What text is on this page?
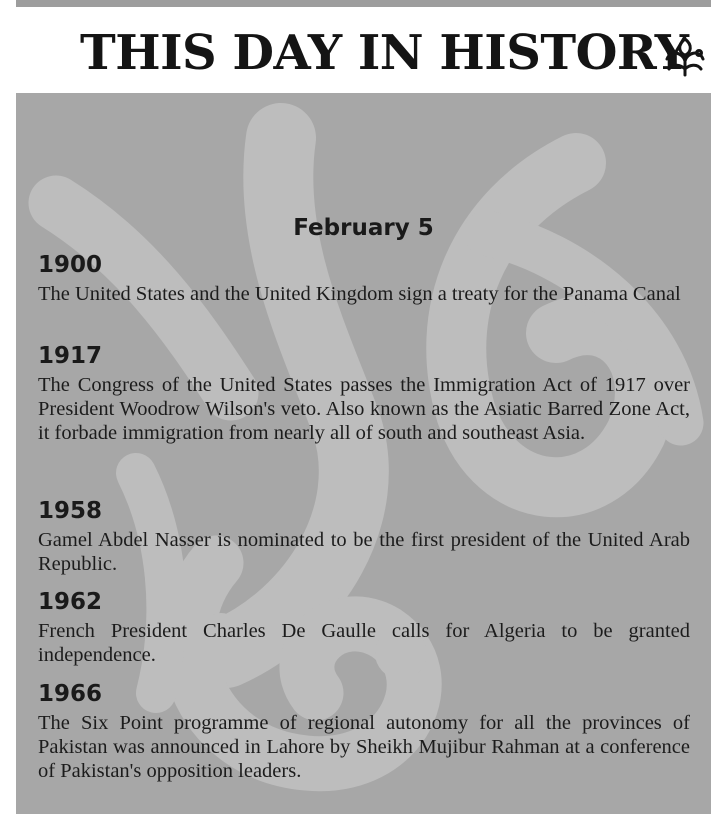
THIS DAY IN HISTORY
February 5
1900
The United States and the United Kingdom sign a treaty for the Panama Canal
1917
The Congress of the United States passes the Immigration Act of 1917 over President Woodrow Wilson's veto. Also known as the Asiatic Barred Zone Act, it forbade immigration from nearly all of south and southeast Asia.
1958
Gamel Abdel Nasser is nominated to be the first president of the United Arab Republic.
1962
French President Charles De Gaulle calls for Algeria to be granted independence.
1966
The Six Point programme of regional autonomy for all the provinces of Pakistan was announced in Lahore by Sheikh Mujibur Rahman at a conference of Pakistan's opposition leaders.
